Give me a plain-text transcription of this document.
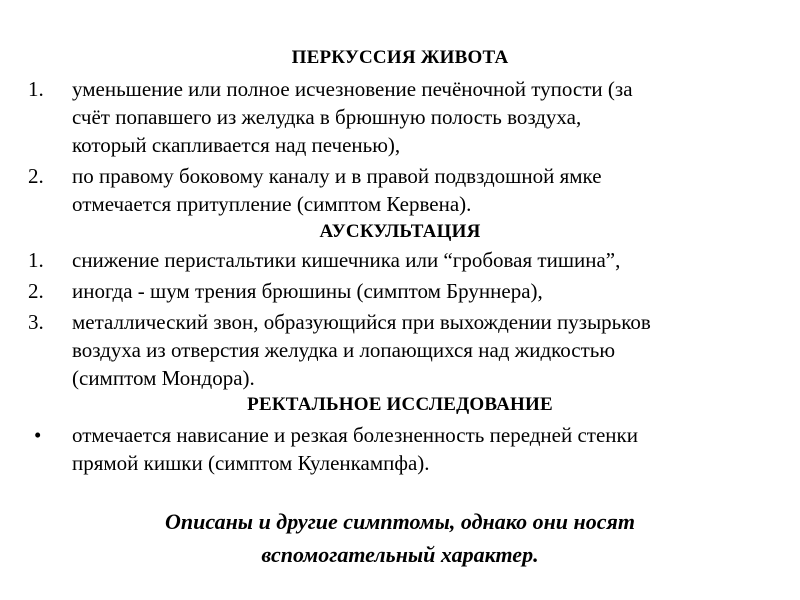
ПЕРКУССИЯ ЖИВОТА
1. уменьшение или полное исчезновение печёночной тупости (за
счёт попавшего из желудка в брюшную полость воздуха,
который скапливается над печенью),
2. по правому боковому каналу и в правой подвздошной ямке
отмечается притупление (симптом Кервена).
АУСКУЛЬТАЦИЯ
1. снижение перистальтики кишечника или “гробовая тишина”,
2. иногда - шум трения брюшины (симптом Бруннера),
3. металлический звон, образующийся при выхождении пузырьков
воздуха из отверстия желудка и лопающихся над жидкостью
(симптом Мондора).
РЕКТАЛЬНОЕ ИССЛЕДОВАНИЕ
• отмечается нависание и резкая болезненность передней стенки
прямой кишки (симптом Куленкампфа).
Описаны и другие симптомы, однако они носят
вспомогательный характер.
